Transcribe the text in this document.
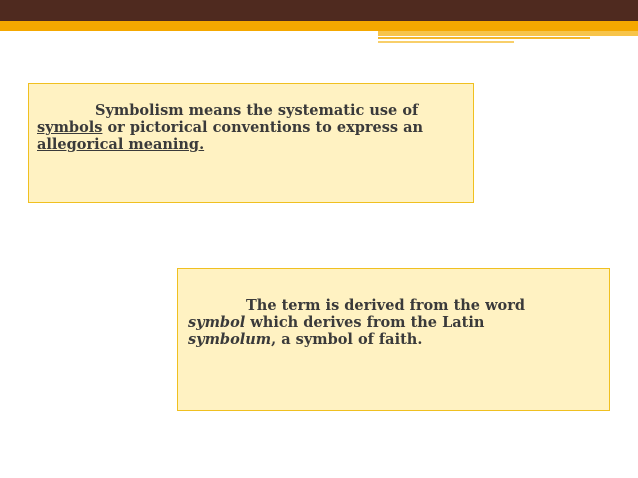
Symbolism means the systematic use of
symbols or pictorical conventions to express an
allegorical meaning.
The term is derived from the word
symbol which derives from the Latin
symbolum, a symbol of faith.
